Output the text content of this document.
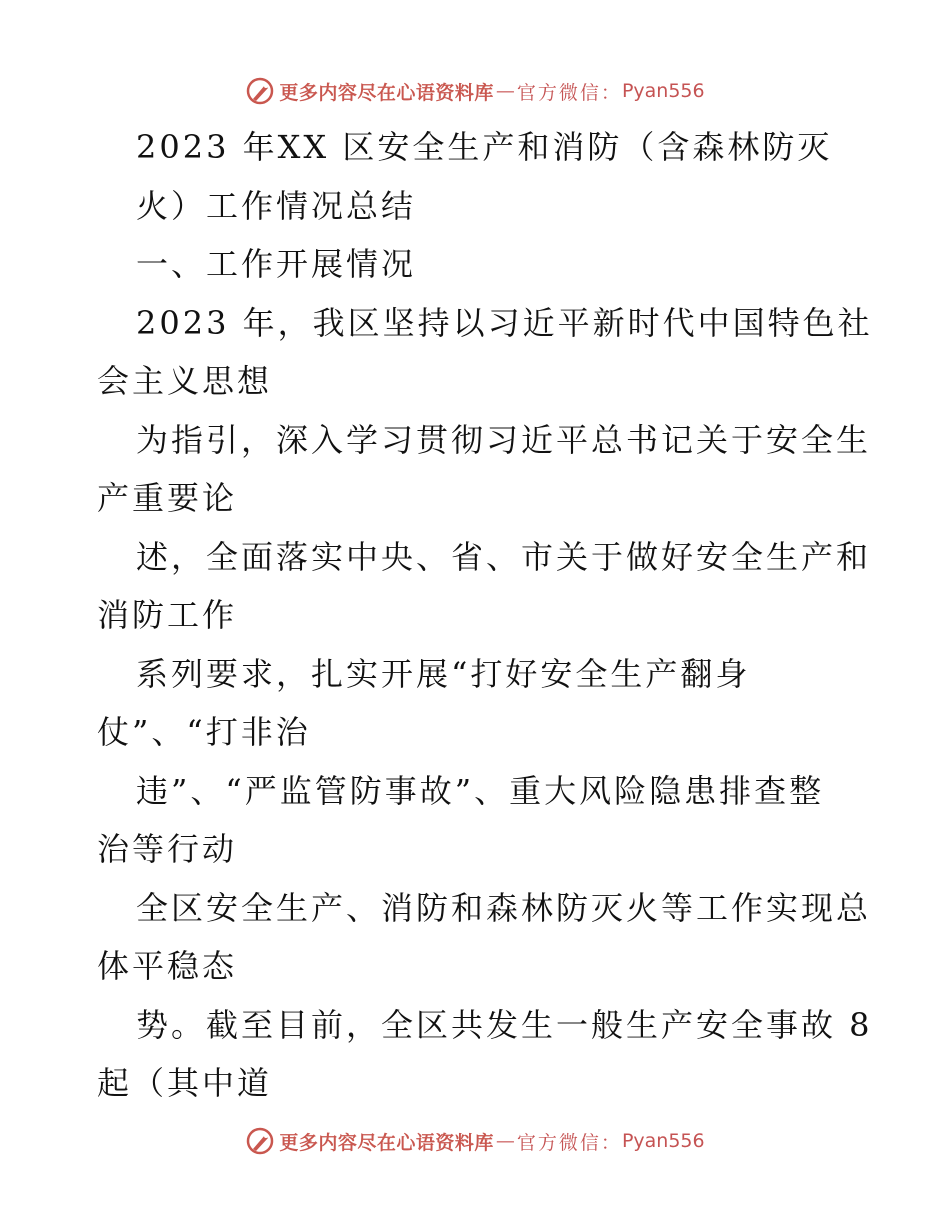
更多内容尽在心语资料库 — 官方微信： Pyan556
2023 年XX 区安全生产和消防（含森林防灭
火）工作情况总结
一、工作开展情况
2023 年，我区坚持以习近平新时代中国特色社
会主义思想
为指引，深入学习贯彻习近平总书记关于安全生
产重要论
述，全面落实中央、省、市关于做好安全生产和
消防工作
系列要求，扎实开展“打好安全生产翻身
仗”、“打非治
违”、“严监管防事故”、重大风险隐患排查整
治等行动
全区安全生产、消防和森林防灭火等工作实现总
体平稳态
势。截至目前，全区共发生一般生产安全事故 8
起（其中道
更多内容尽在心语资料库 — 官方微信： Pyan556
